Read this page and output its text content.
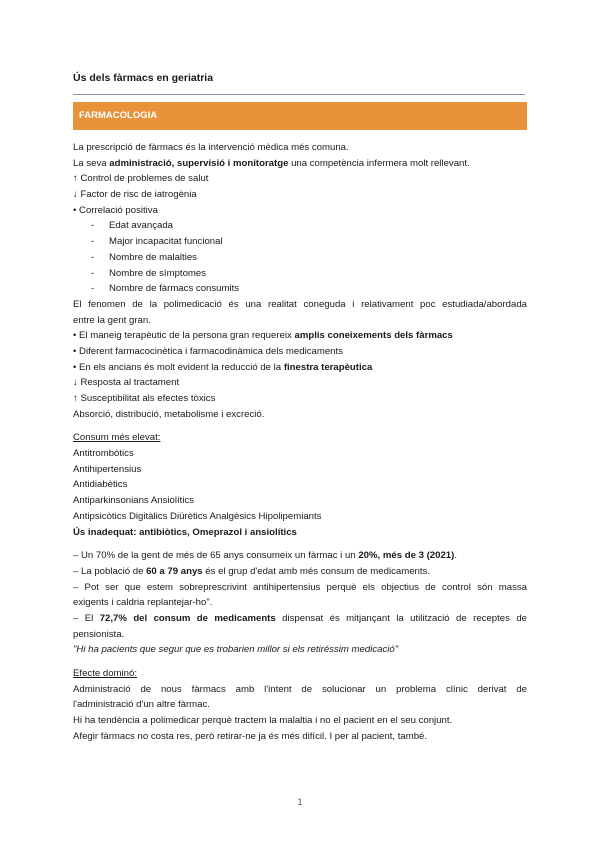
Ús dels fàrmacs en geriatria
FARMACOLOGIA
La prescripció de fàrmacs és la intervenció mèdica més comuna.
La seva administració, supervisió i monitoratge una competència infermera molt rellevant.
↑ Control de problemes de salut
↓ Factor de risc de iatrogènia
• Correlació positiva
- Edat avançada
- Major incapacitat funcional
- Nombre de malalties
- Nombre de símptomes
- Nombre de fàrmacs consumits
El fenomen de la polimedicació és una realitat coneguda i relativament poc estudiada/abordada
entre la gent gran.
• El maneig terapèutic de la persona gran requereix amplis coneixements dels fàrmacs
• Diferent farmacocinètica i farmacodinàmica dels medicaments
• En els ancians és molt evident la reducció de la finestra terapèutica
↓ Resposta al tractament
↑ Susceptibilitat als efectes tòxics
Absorció, distribució, metabolisme i excreció.
Consum més elevat:
Antitrombòtics
Antihipertensius
Antidiabètics
Antiparkinsonians Ansiolítics
Antipsicòtics Digitàlics Diürètics Analgèsics Hipolipemiants
Ús inadequat: antibiòtics, Omeprazol i ansiolítics
– Un 70% de la gent de més de 65 anys consumeix un fàrmac i un 20%, més de 3 (2021).
– La població de 60 a 79 anys és el grup d'edat amb més consum de medicaments.
– Pot ser que estem sobreprescrivint antihipertensius perquè els objectius de control són massa
exigents i caldria replantejar-ho".
– El 72,7% del consum de medicaments dispensat és mitjançant la utilització de receptes de
pensionista.
"Hi ha pacients que segur que es trobarien millor si els retiréssim medicació"
Efecte dominó:
Administració de nous fàrmacs amb l'intent de solucionar un problema clínic derivat de
l'administració d'un altre fàrmac.
Hi ha tendència a polimedicar perquè tractem la malaltia i no el pacient en el seu conjunt.
Afegir fàrmacs no costa res, però retirar-ne ja és més difícil. I per al pacient, també.
1
